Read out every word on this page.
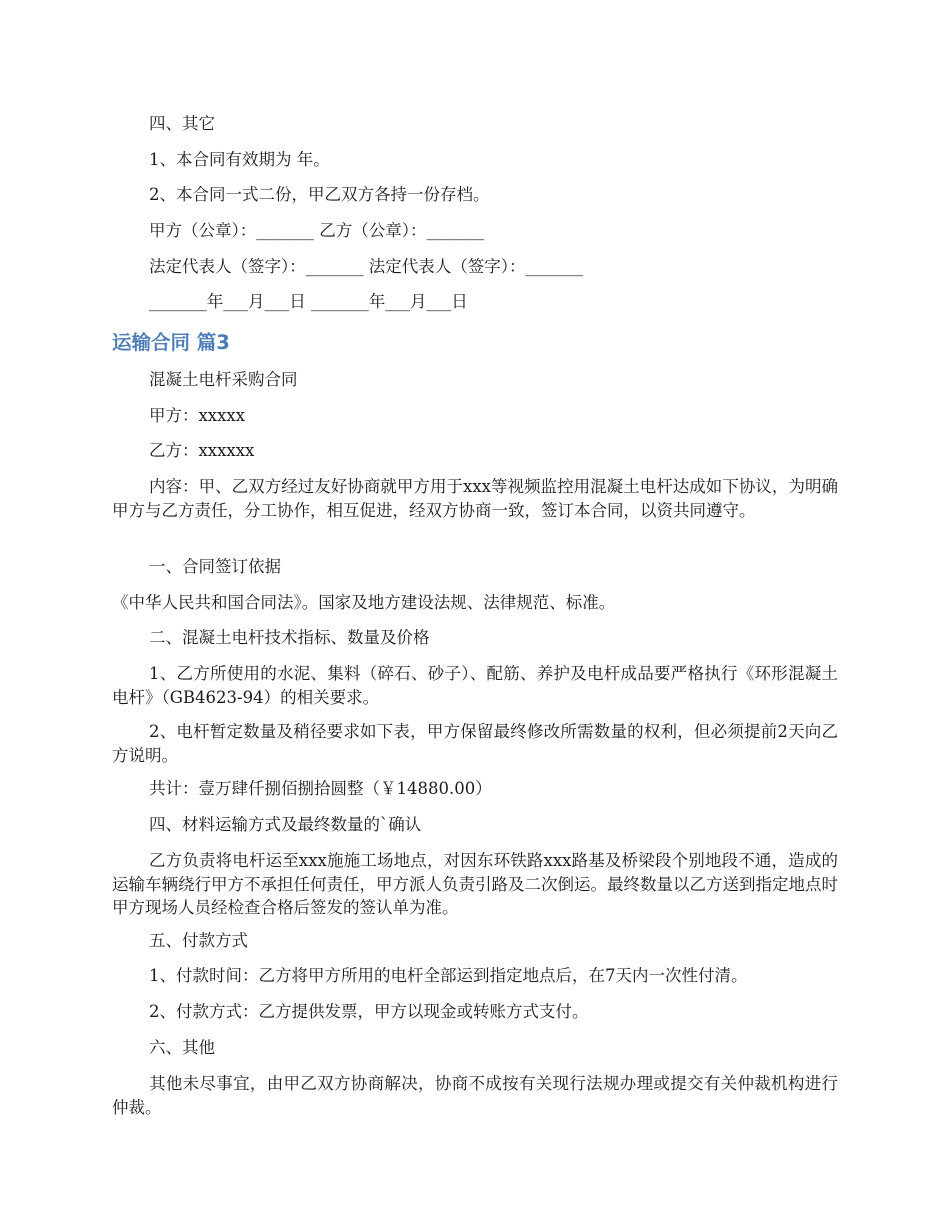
四、其它
1、本合同有效期为 年。
2、本合同一式二份，甲乙双方各持一份存档。
甲方（公章）：_______ 乙方（公章）：_______
法定代表人（签字）：_______ 法定代表人（签字）：_______
_______年___月___日 _______年___月___日
运输合同 篇3
混凝土电杆采购合同
甲方：xxxxx
乙方：xxxxxx
内容：甲、乙双方经过友好协商就甲方用于xxx等视频监控用混凝土电杆达成如下协议，为明确甲方与乙方责任，分工协作，相互促进，经双方协商一致，签订本合同，以资共同遵守。
一、合同签订依据
《中华人民共和国合同法》。国家及地方建设法规、法律规范、标准。
二、混凝土电杆技术指标、数量及价格
1、乙方所使用的水泥、集料（碎石、砂子）、配筋、养护及电杆成品要严格执行《环形混凝土电杆》（GB4623-94）的相关要求。
2、电杆暂定数量及稍径要求如下表，甲方保留最终修改所需数量的权利，但必须提前2天向乙方说明。
共计：壹万肆仟捌佰捌拾圆整（￥14880.00）
四、材料运输方式及最终数量的`确认
乙方负责将电杆运至xxx施施工场地点，对因东环铁路xxx路基及桥梁段个别地段不通，造成的运输车辆绕行甲方不承担任何责任，甲方派人负责引路及二次倒运。最终数量以乙方送到指定地点时甲方现场人员经检查合格后签发的签认单为准。
五、付款方式
1、付款时间：乙方将甲方所用的电杆全部运到指定地点后，在7天内一次性付清。
2、付款方式：乙方提供发票，甲方以现金或转账方式支付。
六、其他
其他未尽事宜，由甲乙双方协商解决，协商不成按有关现行法规办理或提交有关仲裁机构进行仲裁。
